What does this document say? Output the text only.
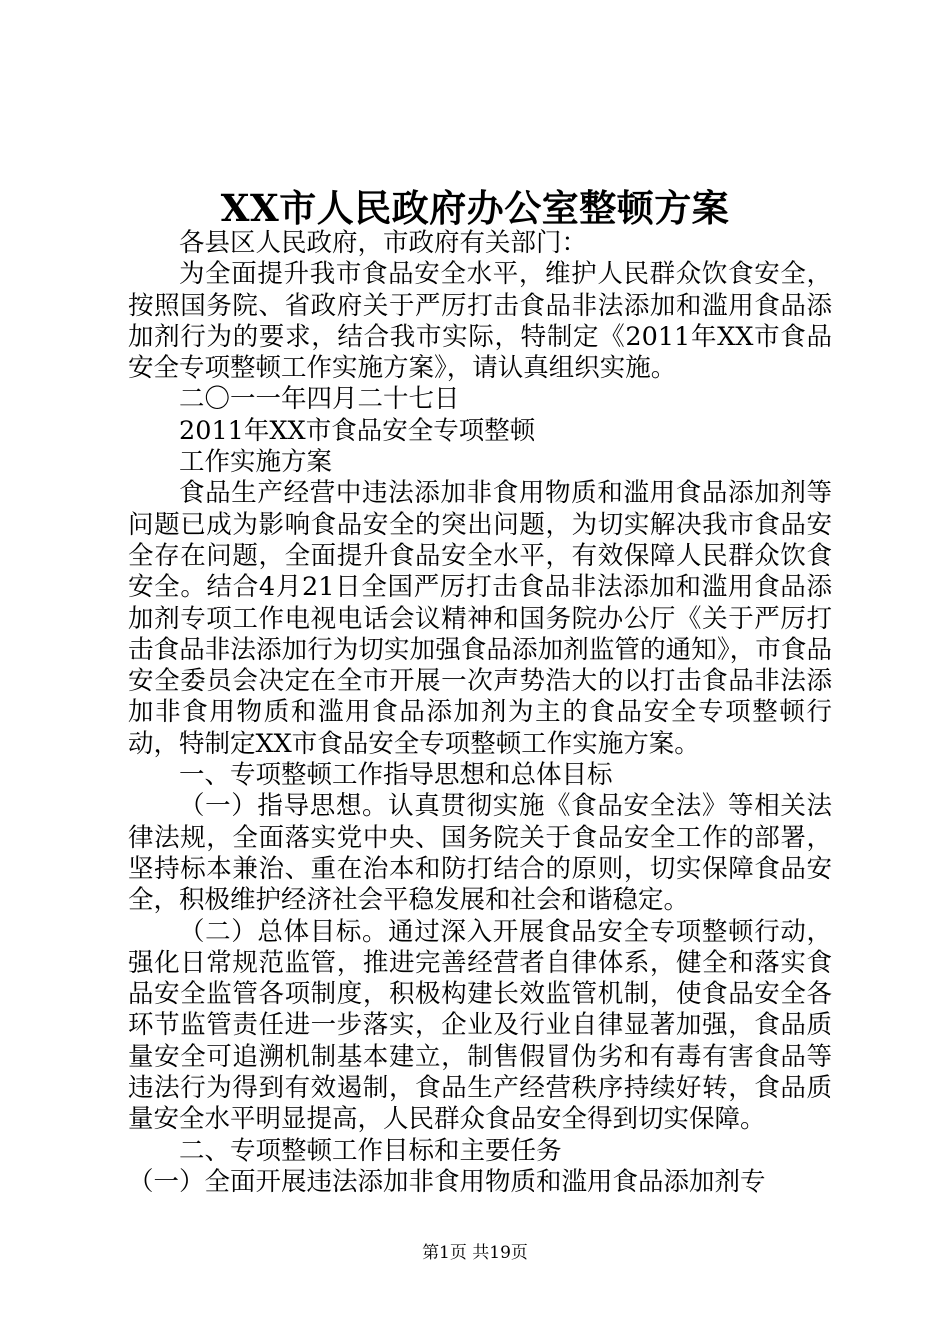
XX市人民政府办公室整顿方案

各县区人民政府，市政府有关部门：

为全面提升我市食品安全水平，维护人民群众饮食安全，按照国务院、省政府关于严厉打击食品非法添加和滥用食品添加剂行为的要求，结合我市实际，特制定《2011年XX市食品安全专项整顿工作实施方案》，请认真组织实施。

二〇一一年四月二十七日

2011年XX市食品安全专项整顿

工作实施方案

食品生产经营中违法添加非食用物质和滥用食品添加剂等问题已成为影响食品安全的突出问题，为切实解决我市食品安全存在问题，全面提升食品安全水平，有效保障人民群众饮食安全。结合4月21日全国严厉打击食品非法添加和滥用食品添加剂专项工作电视电话会议精神和国务院办公厅《关于严厉打击食品非法添加行为切实加强食品添加剂监管的通知》，市食品安全委员会决定在全市开展一次声势浩大的以打击食品非法添加非食用物质和滥用食品添加剂为主的食品安全专项整顿行动，特制定XX市食品安全专项整顿工作实施方案。

一、专项整顿工作指导思想和总体目标

（一）指导思想。认真贯彻实施《食品安全法》等相关法律法规，全面落实党中央、国务院关于食品安全工作的部署，坚持标本兼治、重在治本和防打结合的原则，切实保障食品安全，积极维护经济社会平稳发展和社会和谐稳定。

（二）总体目标。通过深入开展食品安全专项整顿行动，强化日常规范监管，推进完善经营者自律体系，健全和落实食品安全监管各项制度，积极构建长效监管机制，使食品安全各环节监管责任进一步落实，企业及行业自律显著加强，食品质量安全可追溯机制基本建立，制售假冒伪劣和有毒有害食品等违法行为得到有效遏制，食品生产经营秩序持续好转，食品质量安全水平明显提高，人民群众食品安全得到切实保障。

二、专项整顿工作目标和主要任务

（一）全面开展违法添加非食用物质和滥用食品添加剂专

第1页 共19页
